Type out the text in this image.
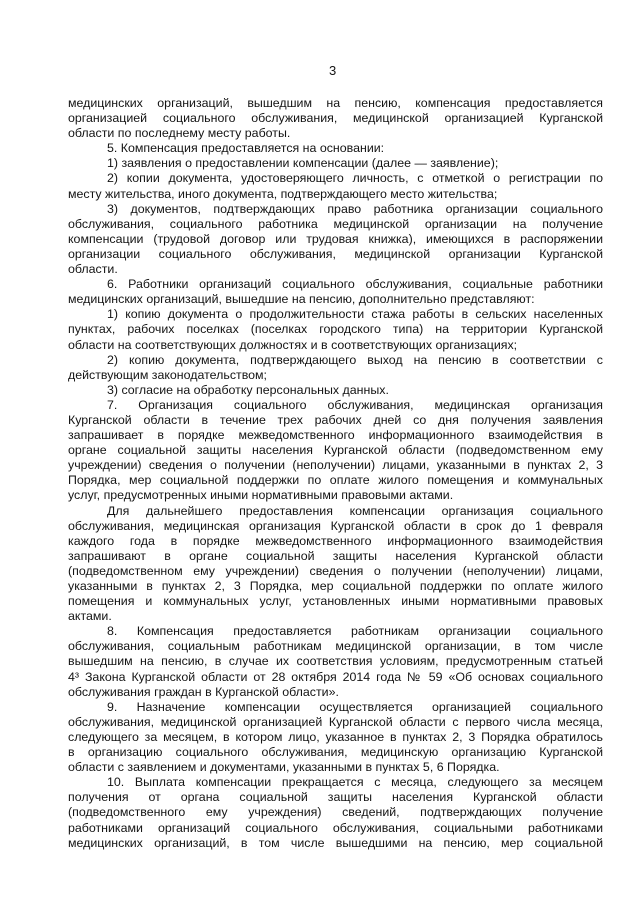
3
медицинских организаций, вышедшим на пенсию, компенсация предоставляется
организацией социального обслуживания, медицинской организацией Курганской
области по последнему месту работы.
5. Компенсация предоставляется на основании:
1) заявления о предоставлении компенсации (далее — заявление);
2) копии документа, удостоверяющего личность, с отметкой о регистрации по
месту жительства, иного документа, подтверждающего место жительства;
3) документов, подтверждающих право работника организации социального
обслуживания, социального работника медицинской организации на получение
компенсации (трудовой договор или трудовая книжка), имеющихся в распоряжении
организации социального обслуживания, медицинской организации Курганской
области.
6. Работники организаций социального обслуживания, социальные работники
медицинских организаций, вышедшие на пенсию, дополнительно представляют:
1) копию документа о продолжительности стажа работы в сельских населенных
пунктах, рабочих поселках (поселках городского типа) на территории Курганской
области на соответствующих должностях и в соответствующих организациях;
2) копию документа, подтверждающего выход на пенсию в соответствии с
действующим законодательством;
3) согласие на обработку персональных данных.
7. Организация социального обслуживания, медицинская организация
Курганской области в течение трех рабочих дней со дня получения заявления
запрашивает в порядке межведомственного информационного взаимодействия в
органе социальной защиты населения Курганской области (подведомственном ему
учреждении) сведения о получении (неполучении) лицами, указанными в пунктах 2, 3
Порядка, мер социальной поддержки по оплате жилого помещения и коммунальных
услуг, предусмотренных иными нормативными правовыми актами.
Для дальнейшего предоставления компенсации организация социального
обслуживания, медицинская организация Курганской области в срок до 1 февраля
каждого года в порядке межведомственного информационного взаимодействия
запрашивают в органе социальной защиты населения Курганской области
(подведомственном ему учреждении) сведения о получении (неполучении) лицами,
указанными в пунктах 2, 3 Порядка, мер социальной поддержки по оплате жилого
помещения и коммунальных услуг, установленных иными нормативными правовых
актами.
8. Компенсация предоставляется работникам организации социального
обслуживания, социальным работникам медицинской организации, в том числе
вышедшим на пенсию, в случае их соответствия условиям, предусмотренным статьей
4³ Закона Курганской области от 28 октября 2014 года № 59 «Об основах социального
обслуживания граждан в Курганской области».
9. Назначение компенсации осуществляется организацией социального
обслуживания, медицинской организацией Курганской области с первого числа месяца,
следующего за месяцем, в котором лицо, указанное в пунктах 2, 3 Порядка обратилось
в организацию социального обслуживания, медицинскую организацию Курганской
области с заявлением и документами, указанными в пунктах 5, 6 Порядка.
10. Выплата компенсации прекращается с месяца, следующего за месяцем
получения от органа социальной защиты населения Курганской области
(подведомственного ему учреждения) сведений, подтверждающих получение
работниками организаций социального обслуживания, социальными работниками
медицинских организаций, в том числе вышедшими на пенсию, мер социальной
